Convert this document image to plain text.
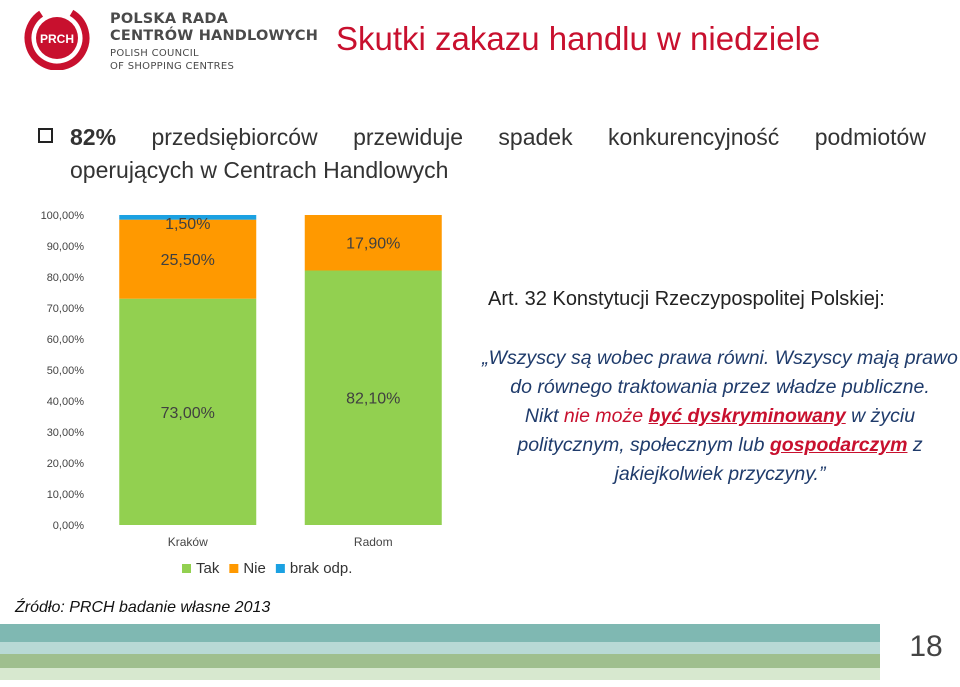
PRCH
POLSKA RADA
CENTRÓW HANDLOWYCH
POLISH COUNCIL
OF SHOPPING CENTRES
Skutki zakazu handlu w niedziele
82% przedsiębiorców przewiduje spadek konkurencyjność podmiotów
operujących w Centrach Handlowych
0,00%
10,00%
20,00%
30,00%
40,00%
50,00%
60,00%
70,00%
80,00%
90,00%
100,00%
73,00%
25,50%
1,50%
Kraków
82,10%
17,90%
Radom
Tak Nie brak odp.
Art. 32 Konstytucji Rzeczypospolitej Polskiej:
„Wszyscy są wobec prawa równi. Wszyscy mają prawo do równego traktowania przez władze publiczne.
Nikt nie może być dyskryminowany w życiu politycznym, społecznym lub gospodarczym z jakiejkolwiek przyczyny.”
Źródło: PRCH badanie własne 2013
18
